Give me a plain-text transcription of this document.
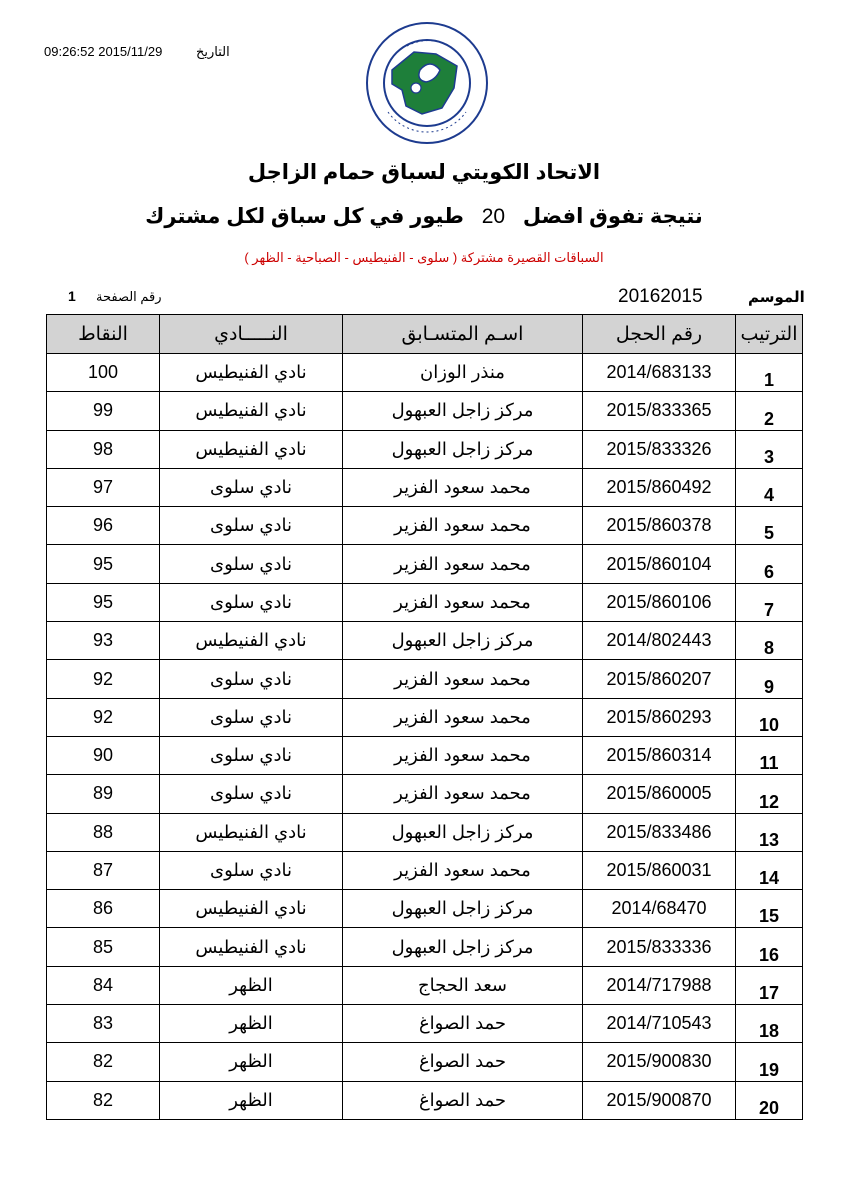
09:26:52 2015/11/29	التاريخ
الاتحاد الكويتي لسباق حمام الزاجل
نتيجة تفوق افضل 20 طيور في كل سباق لكل مشترك
السباقات القصيرة مشتركة ( سلوى - الفنيطيس - الصباحية - الظهر )
الموسم
20162015
رقم الصفحة
1
النقاط	النـــــادي	اسـم المتسـابق	رقم الحجل	الترتيب
100	نادي الفنيطيس	منذر الوزان	2014/683133	1
99	نادي الفنيطيس	مركز زاجل العبهول	2015/833365	2
98	نادي الفنيطيس	مركز زاجل العبهول	2015/833326	3
97	نادي سلوى	محمد سعود الفزير	2015/860492	4
96	نادي سلوى	محمد سعود الفزير	2015/860378	5
95	نادي سلوى	محمد سعود الفزير	2015/860104	6
95	نادي سلوى	محمد سعود الفزير	2015/860106	7
93	نادي الفنيطيس	مركز زاجل العبهول	2014/802443	8
92	نادي سلوى	محمد سعود الفزير	2015/860207	9
92	نادي سلوى	محمد سعود الفزير	2015/860293	10
90	نادي سلوى	محمد سعود الفزير	2015/860314	11
89	نادي سلوى	محمد سعود الفزير	2015/860005	12
88	نادي الفنيطيس	مركز زاجل العبهول	2015/833486	13
87	نادي سلوى	محمد سعود الفزير	2015/860031	14
86	نادي الفنيطيس	مركز زاجل العبهول	2014/68470	15
85	نادي الفنيطيس	مركز زاجل العبهول	2015/833336	16
84	الظهر	سعد الحجاج	2014/717988	17
83	الظهر	حمد الصواغ	2014/710543	18
82	الظهر	حمد الصواغ	2015/900830	19
82	الظهر	حمد الصواغ	2015/900870	20
